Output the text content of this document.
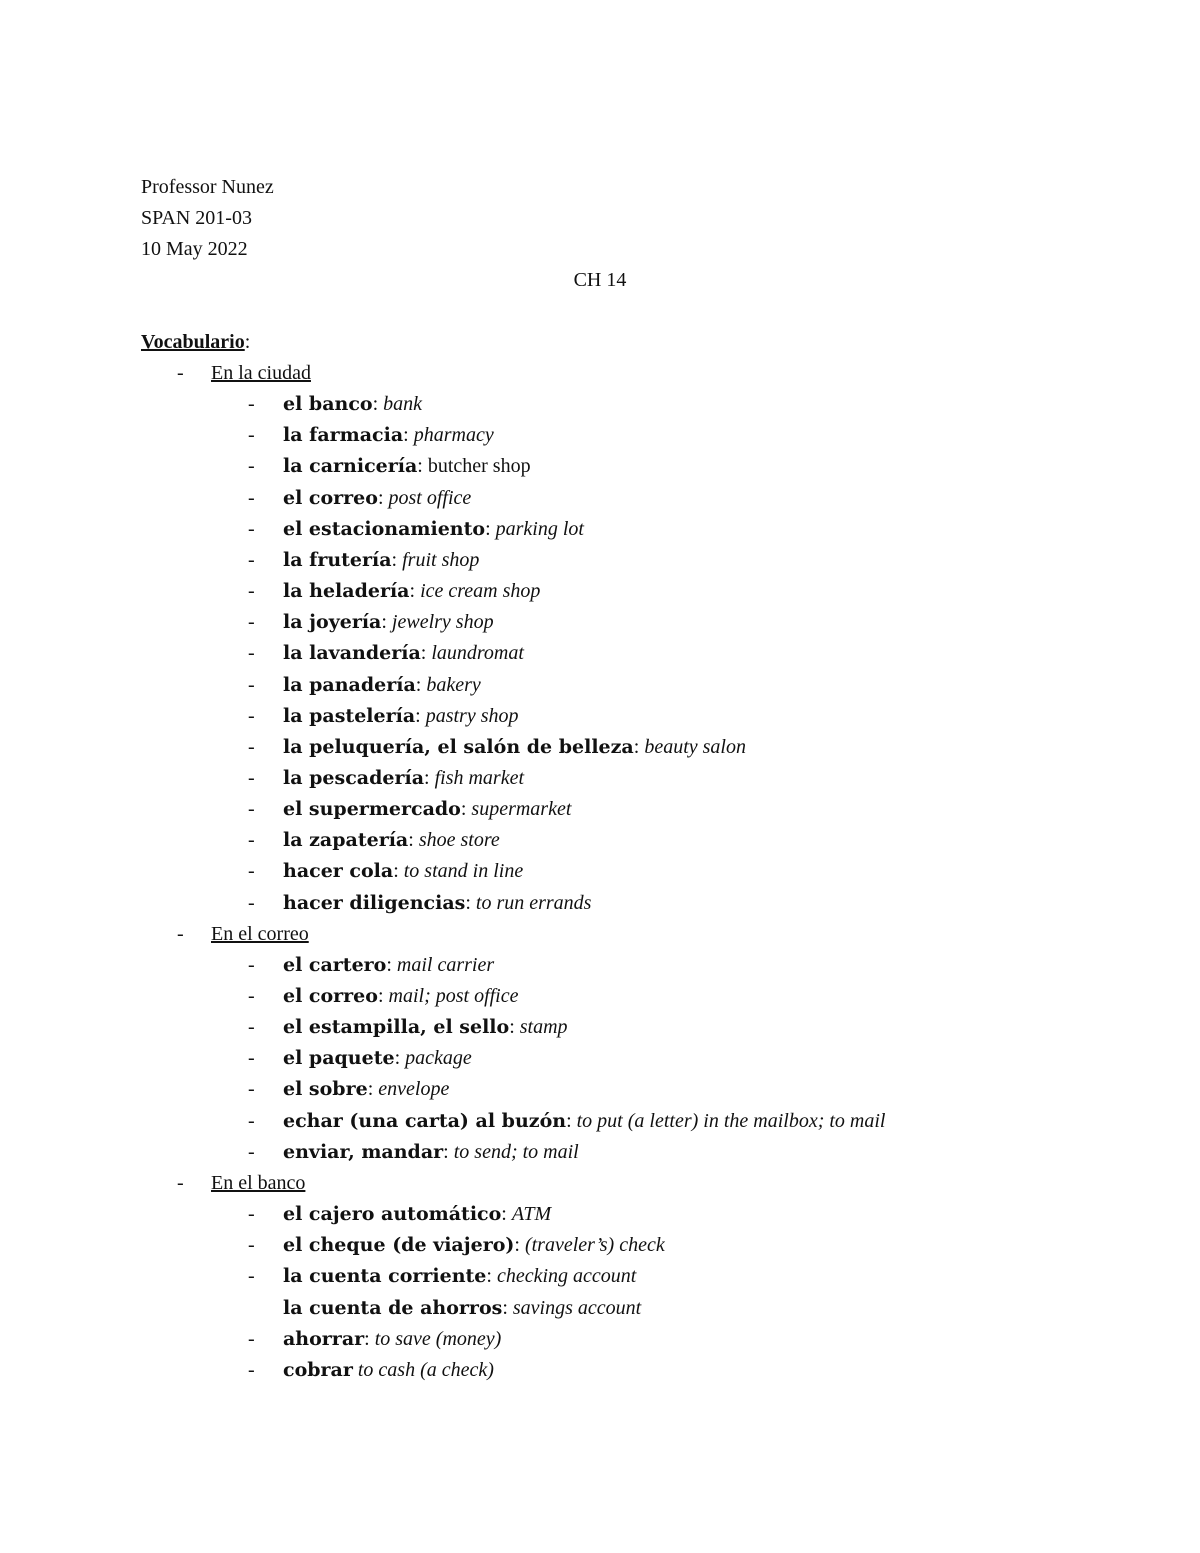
Professor Nunez
SPAN 201-03
10 May 2022
CH 14
Vocabulario:
- En la ciudad
- el banco: bank
- la farmacia: pharmacy
- la carnicería: butcher shop
- el correo: post office
- el estacionamiento: parking lot
- la frutería: fruit shop
- la heladería: ice cream shop
- la joyería: jewelry shop
- la lavandería: laundromat
- la panadería: bakery
- la pastelería: pastry shop
- la peluquería, el salón de belleza: beauty salon
- la pescadería: fish market
- el supermercado: supermarket
- la zapatería: shoe store
- hacer cola: to stand in line
- hacer diligencias: to run errands
- En el correo
- el cartero: mail carrier
- el correo: mail; post office
- el estampilla, el sello: stamp
- el paquete: package
- el sobre: envelope
- echar (una carta) al buzón: to put (a letter) in the mailbox; to mail
- enviar, mandar: to send; to mail
- En el banco
- el cajero automático: ATM
- el cheque (de viajero): (traveler’s) check
- la cuenta corriente: checking account
la cuenta de ahorros: savings account
- ahorrar: to save (money)
- cobrar to cash (a check)
